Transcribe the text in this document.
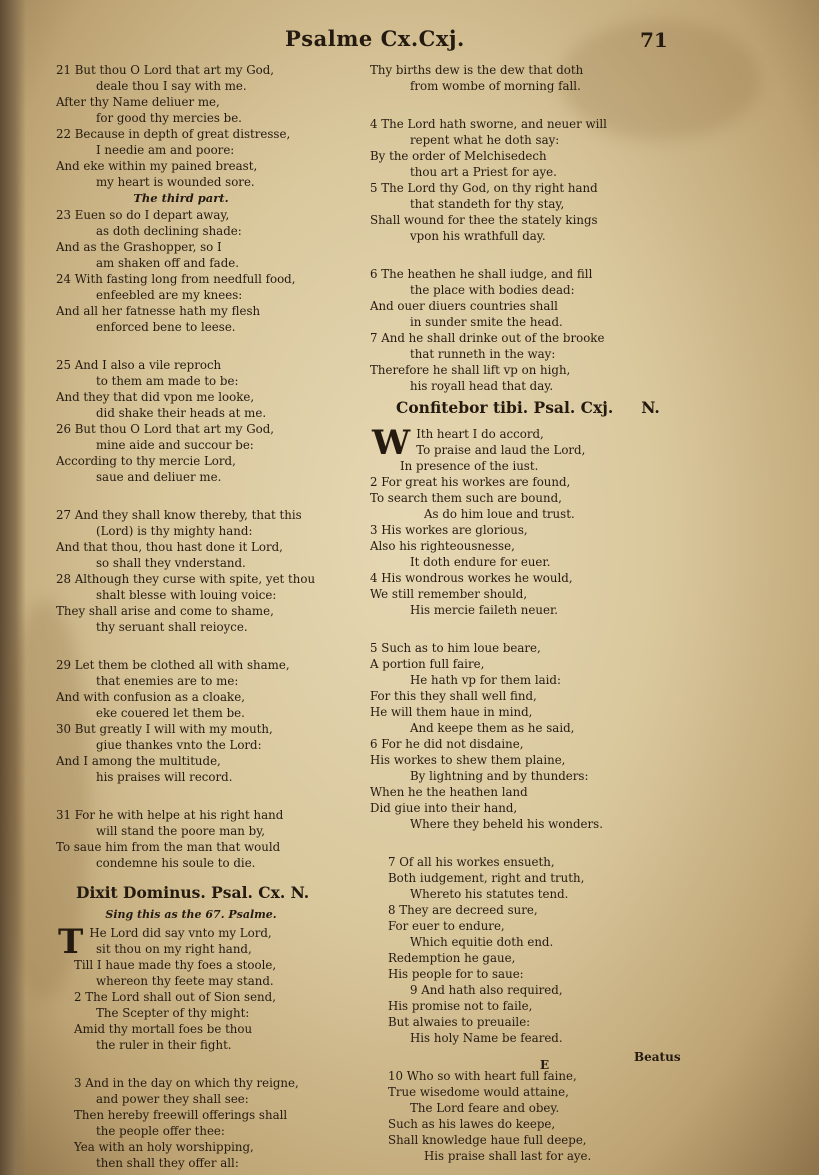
Psalme Cx.Cxj.	71
21 But thou O Lord that art my God,
deale thou I say with me.
After thy Name deliuer me,
for good thy mercies be.
22 Because in depth of great distresse,
I needie am and poore:
And eke within my pained breast,
my heart is wounded sore.
The third part.
23 Euen so do I depart away,
as doth declining shade:
And as the Grashopper, so I
am shaken off and fade.
24 With fasting long from needfull food,
enfeebled are my knees:
And all her fatnesse hath my flesh
enforced bene to leese.
25 And I also a vile reproch
to them am made to be:
And they that did vpon me looke,
did shake their heads at me.
26 But thou O Lord that art my God,
mine aide and succour be:
According to thy mercie Lord,
saue and deliuer me.
27 And they shall know thereby, that this
(Lord) is thy mighty hand:
And that thou, thou hast done it Lord,
so shall they vnderstand.
28 Although they curse with spite, yet thou
shalt blesse with louing voice:
They shall arise and come to shame,
thy seruant shall reioyce.
29 Let them be clothed all with shame,
that enemies are to me:
And with confusion as a cloake,
eke couered let them be.
30 But greatly I will with my mouth,
giue thankes vnto the Lord:
And I among the multitude,
his praises will record.
31 For he with helpe at his right hand
will stand the poore man by,
To saue him from the man that would
condemne his soule to die.
Dixit Dominus. Psal. Cx. N.
Sing this as the 67. Psalme.
T He Lord did say vnto my Lord,
sit thou on my right hand,
Till I haue made thy foes a stoole,
whereon thy feete may stand.
2 The Lord shall out of Sion send,
The Scepter of thy might:
Amid thy mortall foes be thou
the ruler in their fight.
3 And in the day on which thy reigne,
and power they shall see:
Then hereby freewill offerings shall
the people offer thee:
Yea with an holy worshipping,
then shall they offer all:
Thy births dew is the dew that doth
from wombe of morning fall.
4 The Lord hath sworne, and neuer will
repent what he doth say:
By the order of Melchisedech
thou art a Priest for aye.
5 The Lord thy God, on thy right hand
that standeth for thy stay,
Shall wound for thee the stately kings
vpon his wrathfull day.
6 The heathen he shall iudge, and fill
the place with bodies dead:
And ouer diuers countries shall
in sunder smite the head.
7 And he shall drinke out of the brooke
that runneth in the way:
Therefore he shall lift vp on high,
his royall head that day.
Confitebor tibi. Psal. Cxj. N.
W Ith heart I do accord,
To praise and laud the Lord,
In presence of the iust.
2 For great his workes are found,
To search them such are bound,
As do him loue and trust.
3 His workes are glorious,
Also his righteousnesse,
It doth endure for euer.
4 His wondrous workes he would,
We still remember should,
His mercie faileth neuer.
5 Such as to him loue beare,
A portion full faire,
He hath vp for them laid:
For this they shall well find,
He will them haue in mind,
And keepe them as he said,
6 For he did not disdaine,
His workes to shew them plaine,
By lightning and by thunders:
When he the heathen land
Did giue into their hand,
Where they beheld his wonders.
7 Of all his workes ensueth,
Both iudgement, right and truth,
Whereto his statutes tend.
8 They are decreed sure,
For euer to endure,
Which equitie doth end.
Redemption he gaue,
His people for to saue:
9 And hath also required,
His promise not to faile,
But alwaies to preuaile:
His holy Name be feared.
10 Who so with heart full faine,
True wisedome would attaine,
The Lord feare and obey.
Such as his lawes do keepe,
Shall knowledge haue full deepe,
His praise shall last for aye.
E
Beatus
